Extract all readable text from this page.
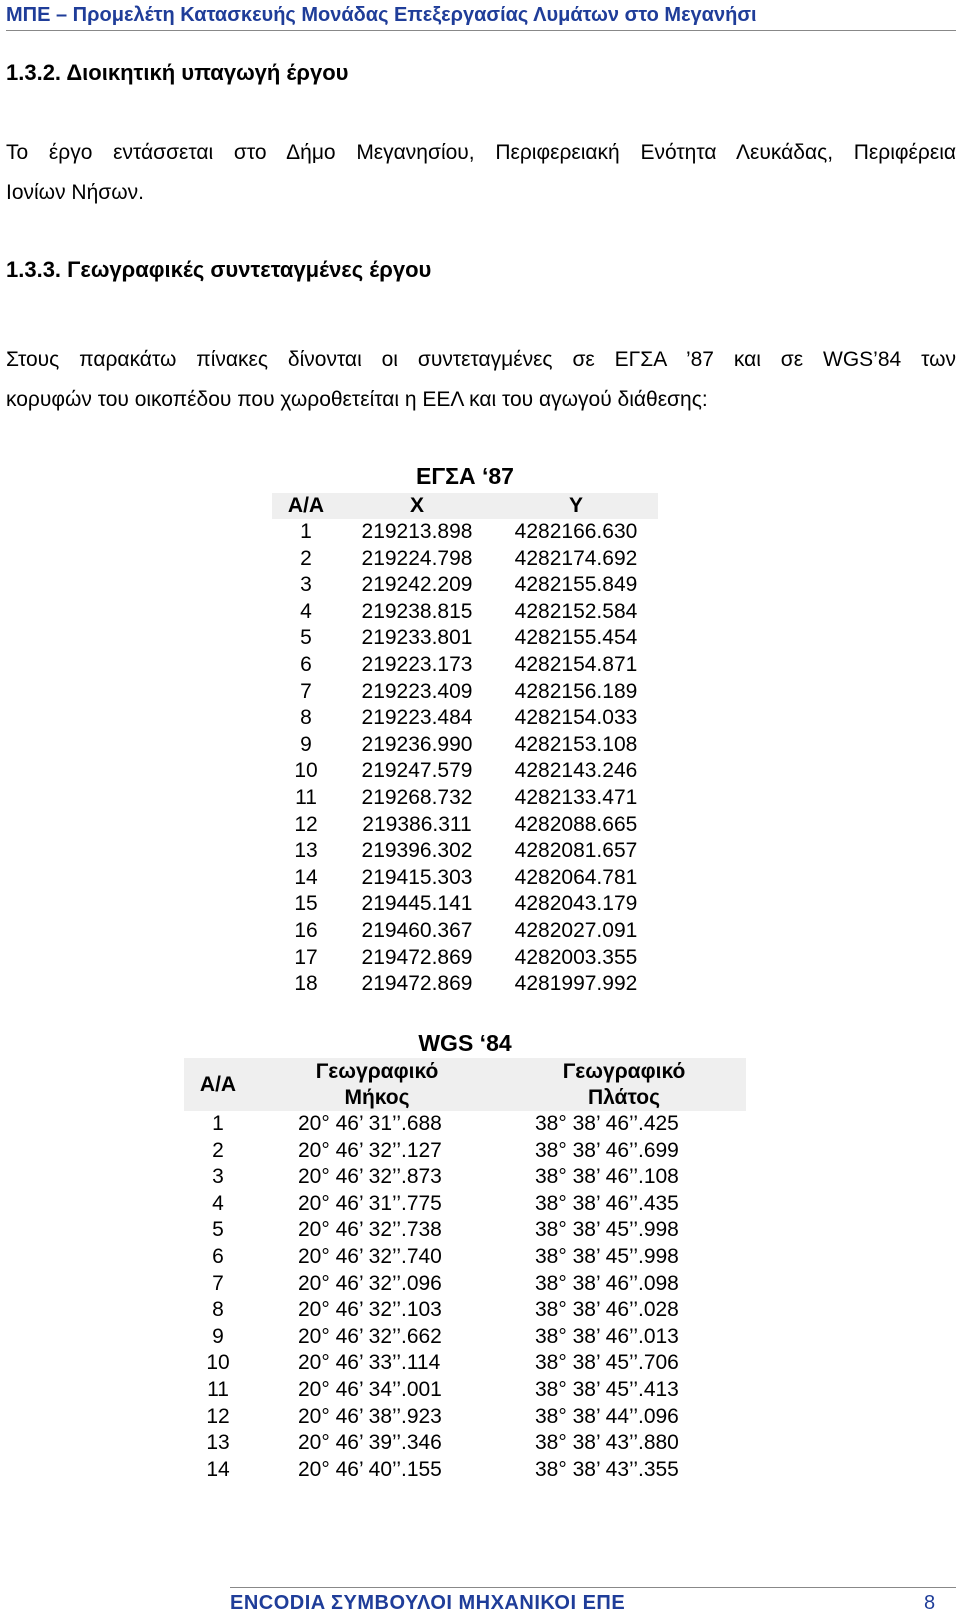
ΜΠΕ – Προμελέτη Κατασκευής Μονάδας Επεξεργασίας Λυμάτων στο Μεγανήσι
1.3.2. Διοικητική υπαγωγή έργου
Το έργο εντάσσεται στο Δήμο Μεγανησίου, Περιφερειακή Ενότητα Λευκάδας, Περιφέρεια
Ιονίων Νήσων.
1.3.3. Γεωγραφικές συντεταγμένες έργου
Στους παρακάτω πίνακες δίνονται οι συντεταγμένες σε ΕΓΣΑ ’87 και σε WGS’84 των
κορυφών του οικοπέδου που χωροθετείται η ΕΕΛ και του αγωγού διάθεσης:
ΕΓΣΑ ‘87
Α/Α	Χ	Υ
1	219213.898	4282166.630
2	219224.798	4282174.692
3	219242.209	4282155.849
4	219238.815	4282152.584
5	219233.801	4282155.454
6	219223.173	4282154.871
7	219223.409	4282156.189
8	219223.484	4282154.033
9	219236.990	4282153.108
10	219247.579	4282143.246
11	219268.732	4282133.471
12	219386.311	4282088.665
13	219396.302	4282081.657
14	219415.303	4282064.781
15	219445.141	4282043.179
16	219460.367	4282027.091
17	219472.869	4282003.355
18	219472.869	4281997.992
WGS ‘84
Α/Α	Γεωγραφικό Μήκος	Γεωγραφικό Πλάτος
1	20° 46’ 31’’.688	38° 38’ 46’’.425
2	20° 46’ 32’’.127	38° 38’ 46’’.699
3	20° 46’ 32’’.873	38° 38’ 46’’.108
4	20° 46’ 31’’.775	38° 38’ 46’’.435
5	20° 46’ 32’’.738	38° 38’ 45’’.998
6	20° 46’ 32’’.740	38° 38’ 45’’.998
7	20° 46’ 32’’.096	38° 38’ 46’’.098
8	20° 46’ 32’’.103	38° 38’ 46’’.028
9	20° 46’ 32’’.662	38° 38’ 46’’.013
10	20° 46’ 33’’.114	38° 38’ 45’’.706
11	20° 46’ 34’’.001	38° 38’ 45’’.413
12	20° 46’ 38’’.923	38° 38’ 44’’.096
13	20° 46’ 39’’.346	38° 38’ 43’’.880
14	20° 46’ 40’’.155	38° 38’ 43’’.355
ENCODIA ΣΥΜΒΟΥΛΟΙ ΜΗΧΑΝΙΚΟΙ ΕΠΕ	8
